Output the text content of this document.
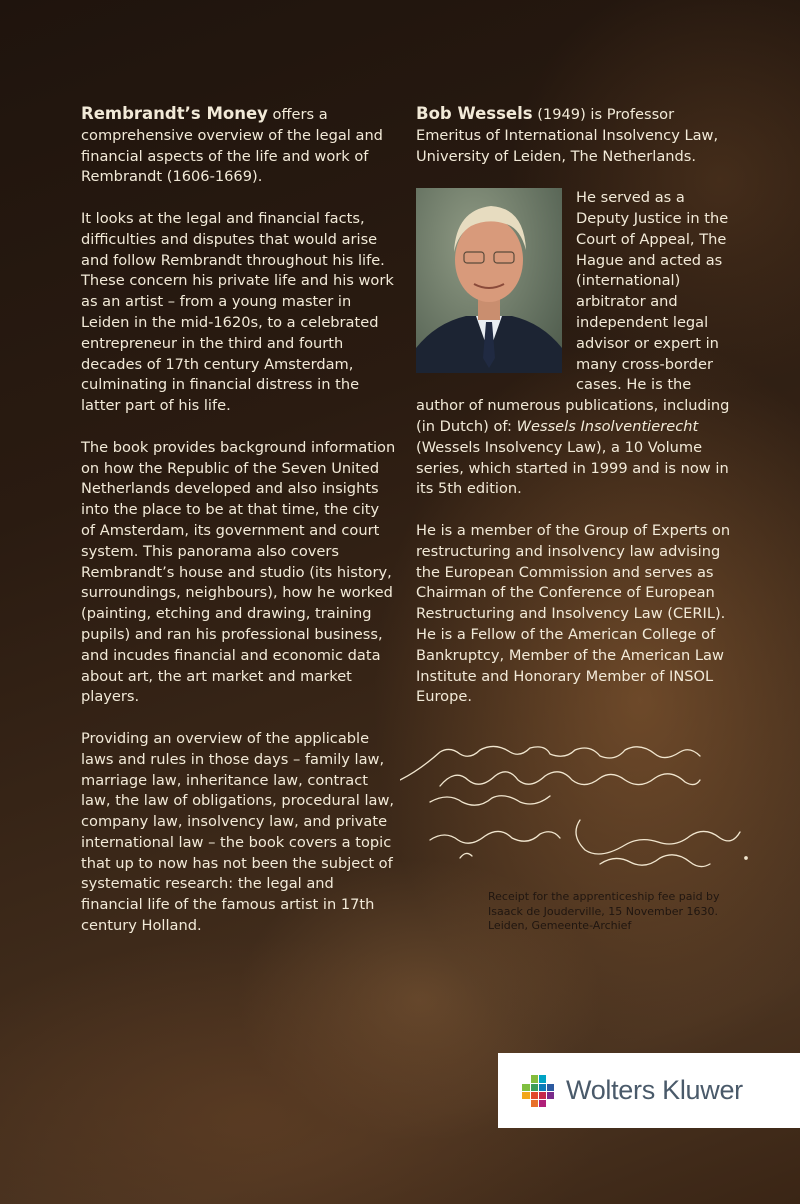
Rembrandt’s Money offers a comprehensive overview of the legal and financial aspects of the life and work of Rembrandt (1606-1669).

It looks at the legal and financial facts, difficulties and disputes that would arise and follow Rembrandt throughout his life. These concern his private life and his work as an artist – from a young master in Leiden in the mid-1620s, to a celebrated entrepreneur in the third and fourth decades of 17th century Amsterdam, culminating in financial distress in the latter part of his life.

The book provides background information on how the Republic of the Seven United Netherlands developed and also insights into the place to be at that time, the city of Amsterdam, its government and court system. This panorama also covers Rembrandt’s house and studio (its history, surroundings, neighbours), how he worked (painting, etching and drawing, training pupils) and ran his professional business, and incudes financial and economic data about art, the art market and market players.

Providing an overview of the applicable laws and rules in those days – family law, marriage law, inheritance law, contract law, the law of obligations, procedural law, company law, insolvency law, and private international law – the book covers a topic that up to now has not been the subject of systematic research: the legal and financial life of the famous artist in 17th century Holland.

Bob Wessels (1949) is Professor Emeritus of International Insolvency Law, University of Leiden, The Netherlands.

He served as a Deputy Justice in the Court of Appeal, The Hague and acted as (international) arbitrator and independent legal advisor or expert in many cross-border cases. He is the author of numerous publications, including (in Dutch) of: Wessels Insolventierecht (Wessels Insolvency Law), a 10 Volume series, which started in 1999 and is now in its 5th edition.

He is a member of the Group of Experts on restructuring and insolvency law advising the European Commission and serves as Chairman of the Conference of European Restructuring and Insolvency Law (CERIL). He is a Fellow of the American College of Bankruptcy, Member of the American Law Institute and Honorary Member of INSOL Europe.

Receipt for the apprenticeship fee paid by
Isaack de Jouderville, 15 November 1630.
Leiden, Gemeente-Archief
Wolters Kluwer
